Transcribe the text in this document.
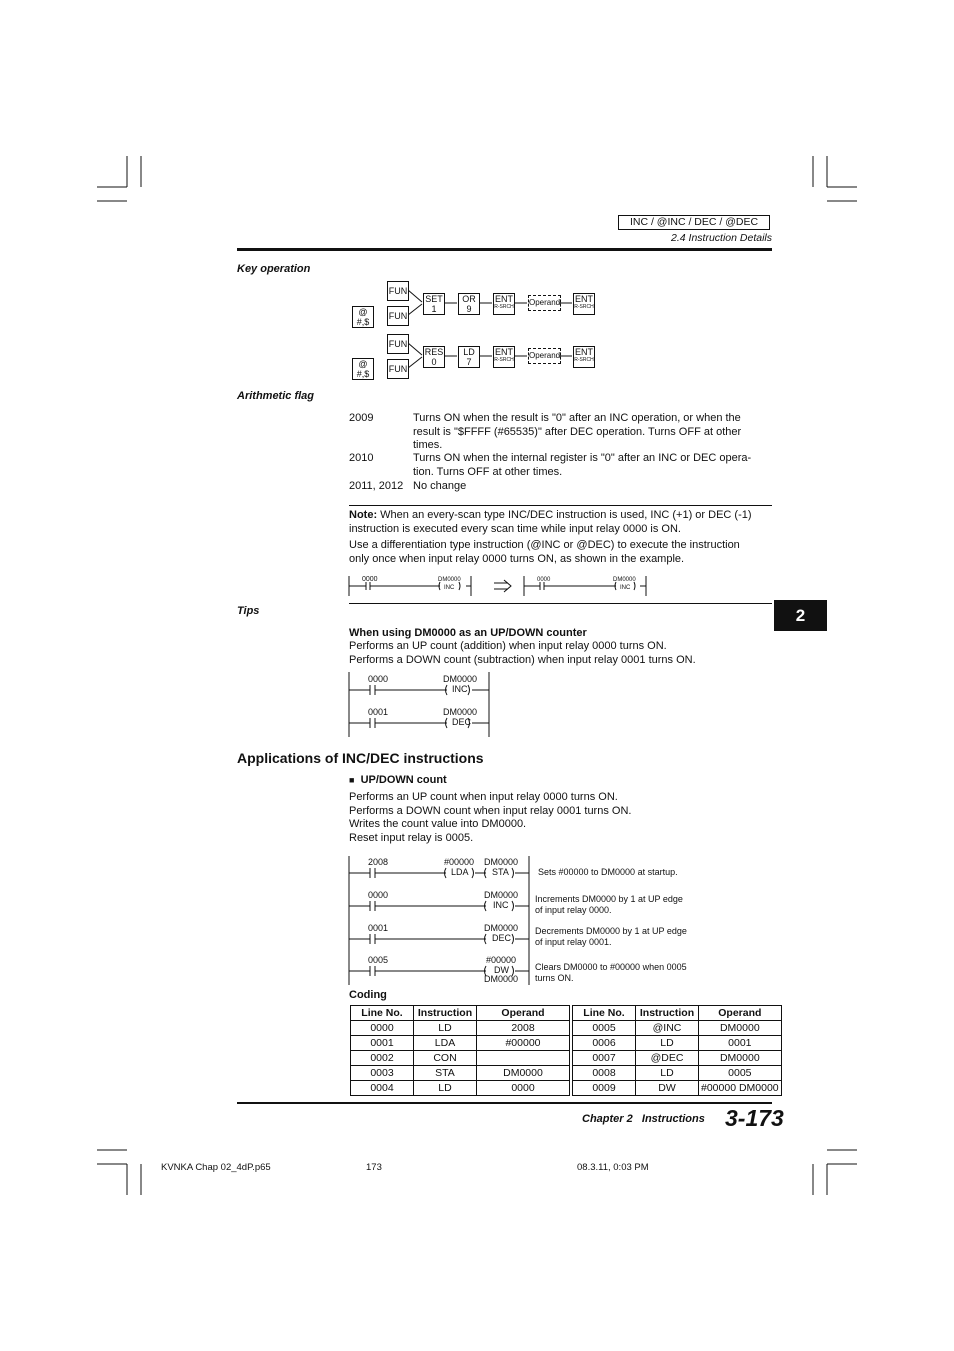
INC / @INC / DEC / @DEC
2.4 Instruction Details
Key operation
FUN
@
#,$
FUN
SET
1
OR
9
ENT
R-SRCH Operand ENT
R-SRCH
FUN
@
#,$	FUN
RES
0
LD
7
ENT
R-SRCH Operand ENT
R-SRCH
Arithmetic flag
2009	Turns ON when the result is "0" after an INC operation, or when the
result is "$FFFF (#65535)" after DEC operation. Turns OFF at other
times.
2010	Turns ON when the internal register is "0" after an INC or DEC opera-
tion. Turns OFF at other times.
2011, 2012 No change
Note: When an every-scan type INC/DEC instruction is used, INC (+1) or DEC (-1)
instruction is executed every scan time while input relay 0000 is ON.
Use a differentiation type instruction (@INC or @DEC) to execute the instruction
only once when input relay 0000 turns ON, as shown in the example.
0000	DM0000
INC
0000	DM0000
INC
2
Tips
When using DM0000 as an UP/DOWN counter
Performs an UP count (addition) when input relay 0000 turns ON.
Performs a DOWN count (subtraction) when input relay 0001 turns ON.
0000	DM0000
INC
0001	DM0000
DEC
Applications of INC/DEC instructions
■ UP/DOWN count
Performs an UP count when input relay 0000 turns ON.
Performs a DOWN count when input relay 0001 turns ON.
Writes the count value into DM0000.
Reset input relay is 0005.
2008	#00000
LDA
DM0000
STA
0000	DM0000
INC
0001	DM0000
DEC
0005	#00000
DW
DM0000
Sets #00000 to DM0000 at startup.
Increments DM0000 by 1 at UP edge
of input relay 0000.
Decrements DM0000 by 1 at UP edge
of input relay 0001.
Clears DM0000 to #00000 when 0005
turns ON.
Coding
Line No.	Instruction	Operand		Line No.	Instruction	Operand
0000	LD	2008		0005	@INC	DM0000
0001	LDA	#00000		0006	LD	0001
0002	CON			0007	@DEC	DM0000
0003	STA	DM0000		0008	LD	0005
0004	LD	0000		0009	DW	#00000 DM0000
Chapter 2   Instructions 3-173
KVNKA Chap 02_4dP.p65	173	08.3.11, 0:03 PM
